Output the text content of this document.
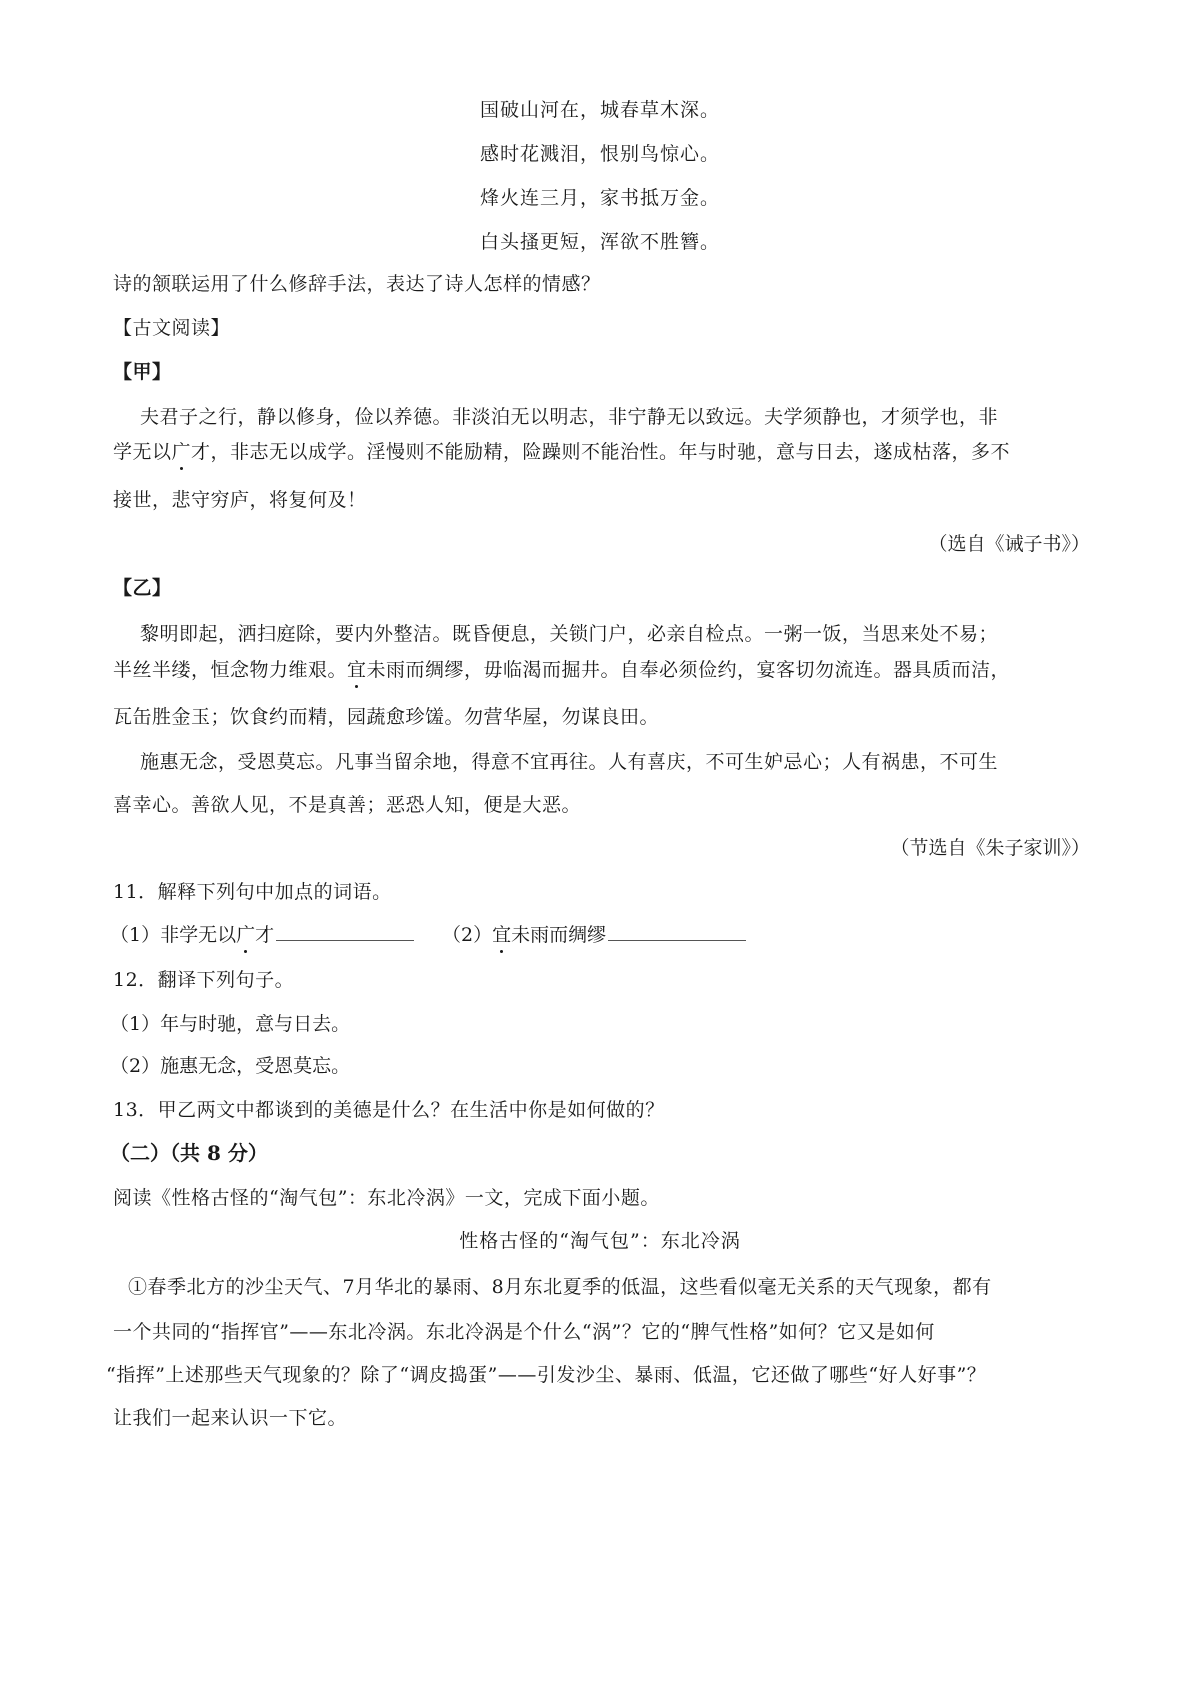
国破山河在，城春草木深。
感时花溅泪，恨别鸟惊心。
烽火连三月，家书抵万金。
白头搔更短，浑欲不胜簪。
诗的颔联运用了什么修辞手法，表达了诗人怎样的情感？
【古文阅读】
【甲】
夫君子之行，静以修身，俭以养德。非淡泊无以明志，非宁静无以致远。夫学须静也，才须学也，非
学无以广才，非志无以成学。淫慢则不能励精，险躁则不能治性。年与时驰，意与日去，遂成枯落，多不
接世，悲守穷庐，将复何及！
（选自《诫子书》）
【乙】
黎明即起，洒扫庭除，要内外整洁。既昏便息，关锁门户，必亲自检点。一粥一饭，当思来处不易；
半丝半缕，恒念物力维艰。宜未雨而绸缪，毋临渴而掘井。自奉必须俭约，宴客切勿流连。器具质而洁，
瓦缶胜金玉；饮食约而精，园蔬愈珍馐。勿营华屋，勿谋良田。
施惠无念，受恩莫忘。凡事当留余地，得意不宜再往。人有喜庆，不可生妒忌心；人有祸患，不可生
喜幸心。善欲人见，不是真善；恶恐人知，便是大恶。
（节选自《朱子家训》）
11．解释下列句中加点的词语。
（1）非学无以广才	（2）宜未雨而绸缪
12．翻译下列句子。
（1）年与时驰，意与日去。
（2）施惠无念，受恩莫忘。
13．甲乙两文中都谈到的美德是什么？在生活中你是如何做的？
（二）（共 8 分）
阅读《性格古怪的“淘气包”：东北冷涡》一文，完成下面小题。
性格古怪的“淘气包”：东北冷涡
①春季北方的沙尘天气、7月华北的暴雨、8月东北夏季的低温，这些看似毫无关系的天气现象，都有
一个共同的“指挥官”——东北冷涡。东北冷涡是个什么“涡”？它的“脾气性格”如何？它又是如何
“指挥”上述那些天气现象的？除了“调皮捣蛋”——引发沙尘、暴雨、低温，它还做了哪些“好人好事”？
让我们一起来认识一下它。
